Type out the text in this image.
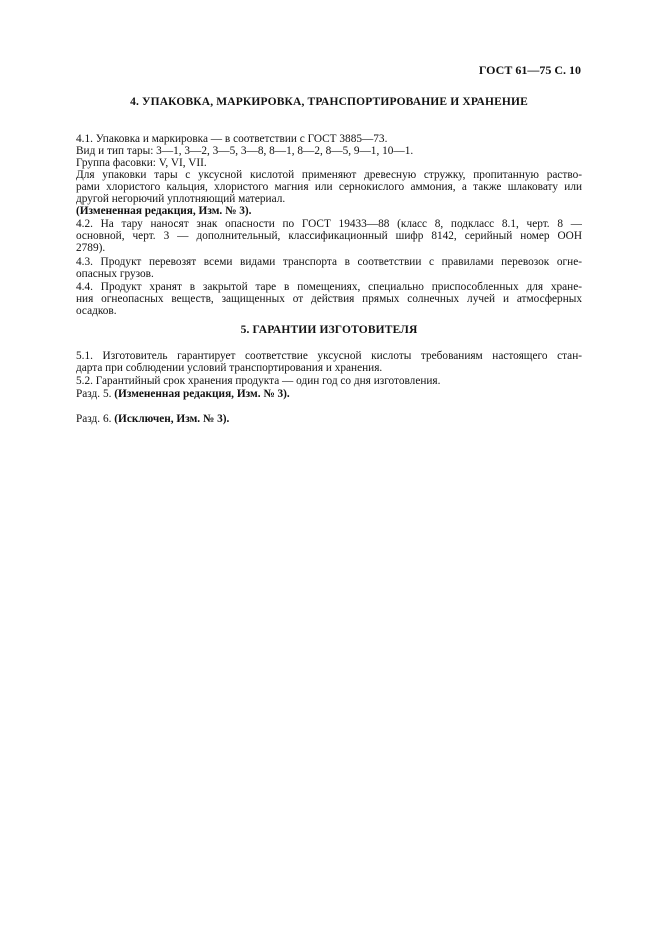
ГОСТ 61—75 С. 10
4. УПАКОВКА, МАРКИРОВКА, ТРАНСПОРТИРОВАНИЕ И ХРАНЕНИЕ
4.1. Упаковка и маркировка — в соответствии с ГОСТ 3885—73.
Вид и тип тары: 3—1, 3—2, 3—5, 3—8, 8—1, 8—2, 8—5, 9—1, 10—1.
Группа фасовки: V, VI, VII.
Для упаковки тары с уксусной кислотой применяют древесную стружку, пропитанную раство-
рами хлористого кальция, хлористого магния или сернокислого аммония, а также шлаковату или
другой негорючий уплотняющий материал.
(Измененная редакция, Изм. № 3).
4.2. На тару наносят знак опасности по ГОСТ 19433—88 (класс 8, подкласс 8.1, черт. 8 —
основной, черт. 3 — дополнительный, классификационный шифр 8142, серийный номер ООН
2789).
4.3. Продукт перевозят всеми видами транспорта в соответствии с правилами перевозок огне-
опасных грузов.
4.4. Продукт хранят в закрытой таре в помещениях, специально приспособленных для хране-
ния огнеопасных веществ, защищенных от действия прямых солнечных лучей и атмосферных
осадков.
5. ГАРАНТИИ ИЗГОТОВИТЕЛЯ
5.1. Изготовитель гарантирует соответствие уксусной кислоты требованиям настоящего стан-
дарта при соблюдении условий транспортирования и хранения.
5.2. Гарантийный срок хранения продукта — один год со дня изготовления.
Разд. 5. (Измененная редакция, Изм. № 3).
Разд. 6. (Исключен, Изм. № 3).
